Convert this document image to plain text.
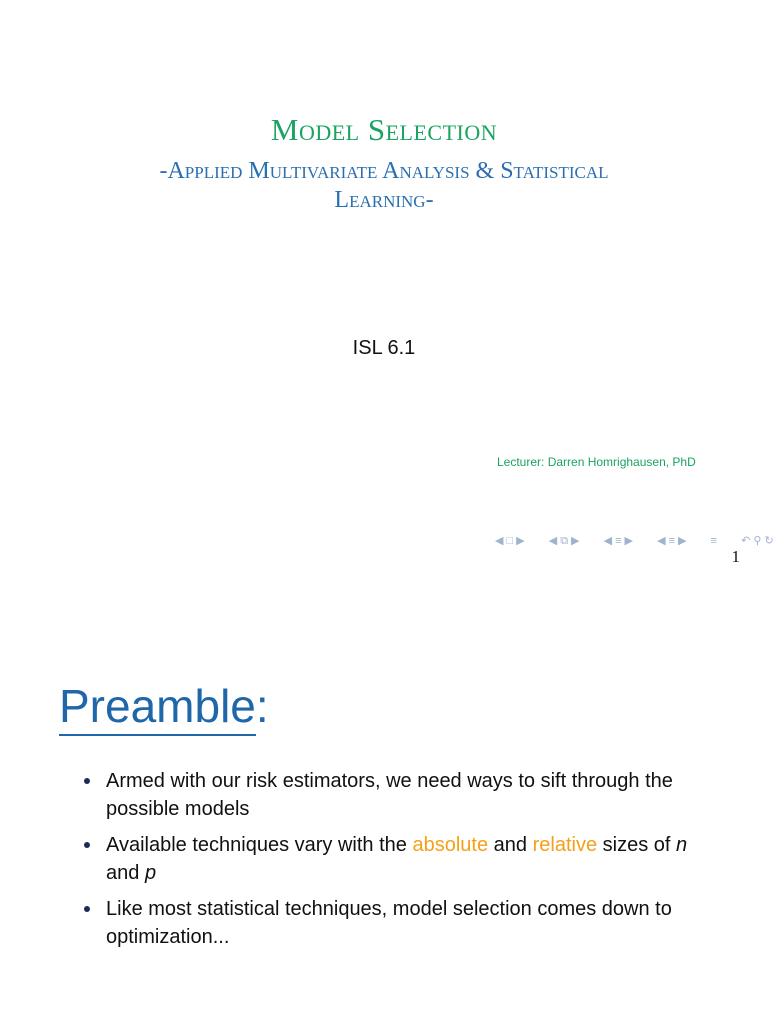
Model Selection
-Applied Multivariate Analysis & Statistical
Learning-
ISL 6.1
Lecturer: Darren Homrighausen, PhD
◀ □ ▶ ◀ ⧉ ▶ ◀ ≡ ▶ ◀ ≡ ▶ ≡ ↶ ⚲ ↻
1
Preamble:
Armed with our risk estimators, we need ways to sift through the possible models
Available techniques vary with the absolute and relative sizes of n and p
Like most statistical techniques, model selection comes down to optimization...
